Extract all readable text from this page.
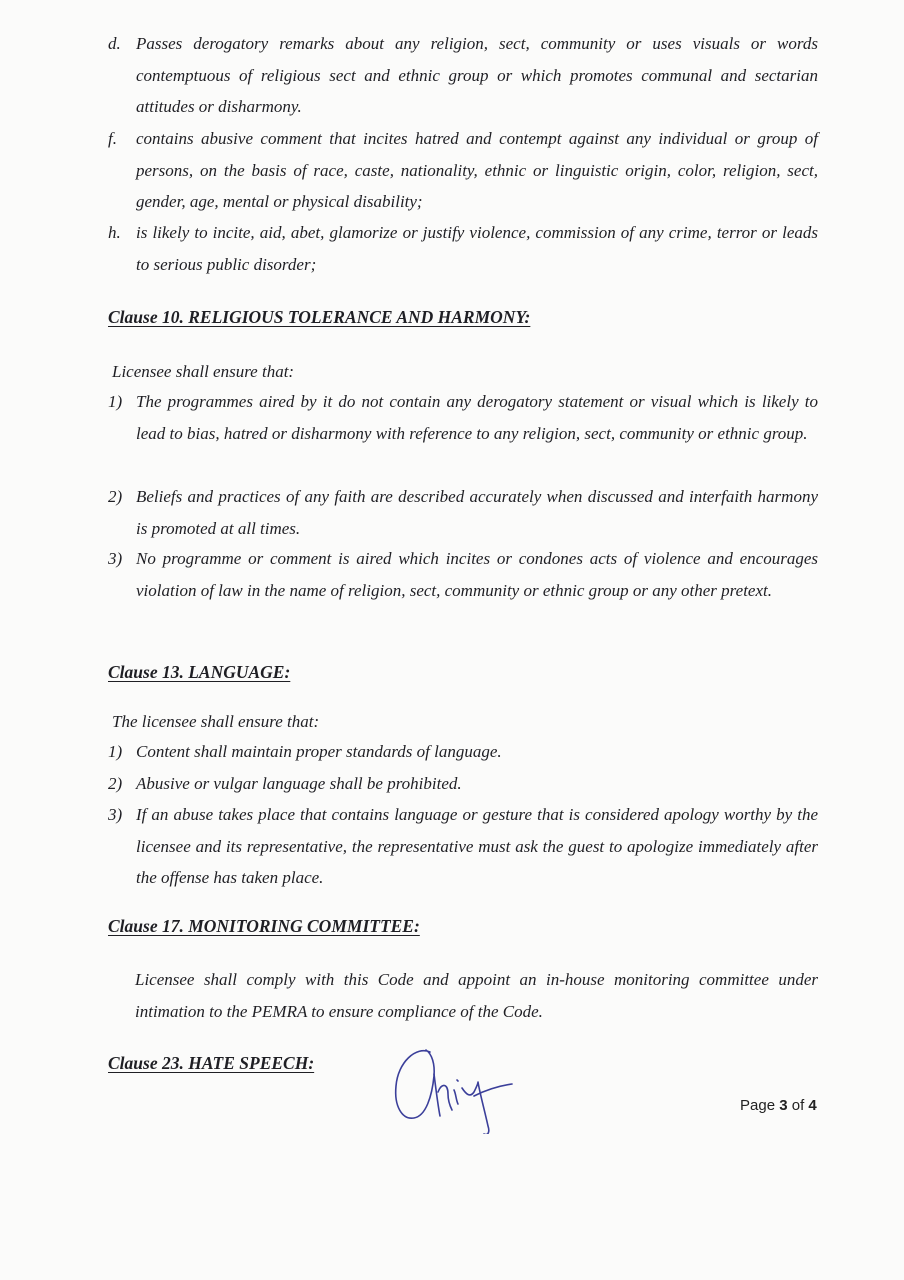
d. Passes derogatory remarks about any religion, sect, community or uses visuals or words contemptuous of religious sect and ethnic group or which promotes communal and sectarian attitudes or disharmony.
f. contains abusive comment that incites hatred and contempt against any individual or group of persons, on the basis of race, caste, nationality, ethnic or linguistic origin, color, religion, sect, gender, age, mental or physical disability;
h. is likely to incite, aid, abet, glamorize or justify violence, commission of any crime, terror or leads to serious public disorder;
Clause 10. RELIGIOUS TOLERANCE AND HARMONY:
Licensee shall ensure that:
1) The programmes aired by it do not contain any derogatory statement or visual which is likely to lead to bias, hatred or disharmony with reference to any religion, sect, community or ethnic group.
2) Beliefs and practices of any faith are described accurately when discussed and interfaith harmony is promoted at all times.
3) No programme or comment is aired which incites or condones acts of violence and encourages violation of law in the name of religion, sect, community or ethnic group or any other pretext.
Clause 13. LANGUAGE:
The licensee shall ensure that:
1) Content shall maintain proper standards of language.
2) Abusive or vulgar language shall be prohibited.
3) If an abuse takes place that contains language or gesture that is considered apology worthy by the licensee and its representative, the representative must ask the guest to apologize immediately after the offense has taken place.
Clause 17. MONITORING COMMITTEE:
Licensee shall comply with this Code and appoint an in-house monitoring committee under intimation to the PEMRA to ensure compliance of the Code.
Clause 23. HATE SPEECH:
Page 3 of 4
